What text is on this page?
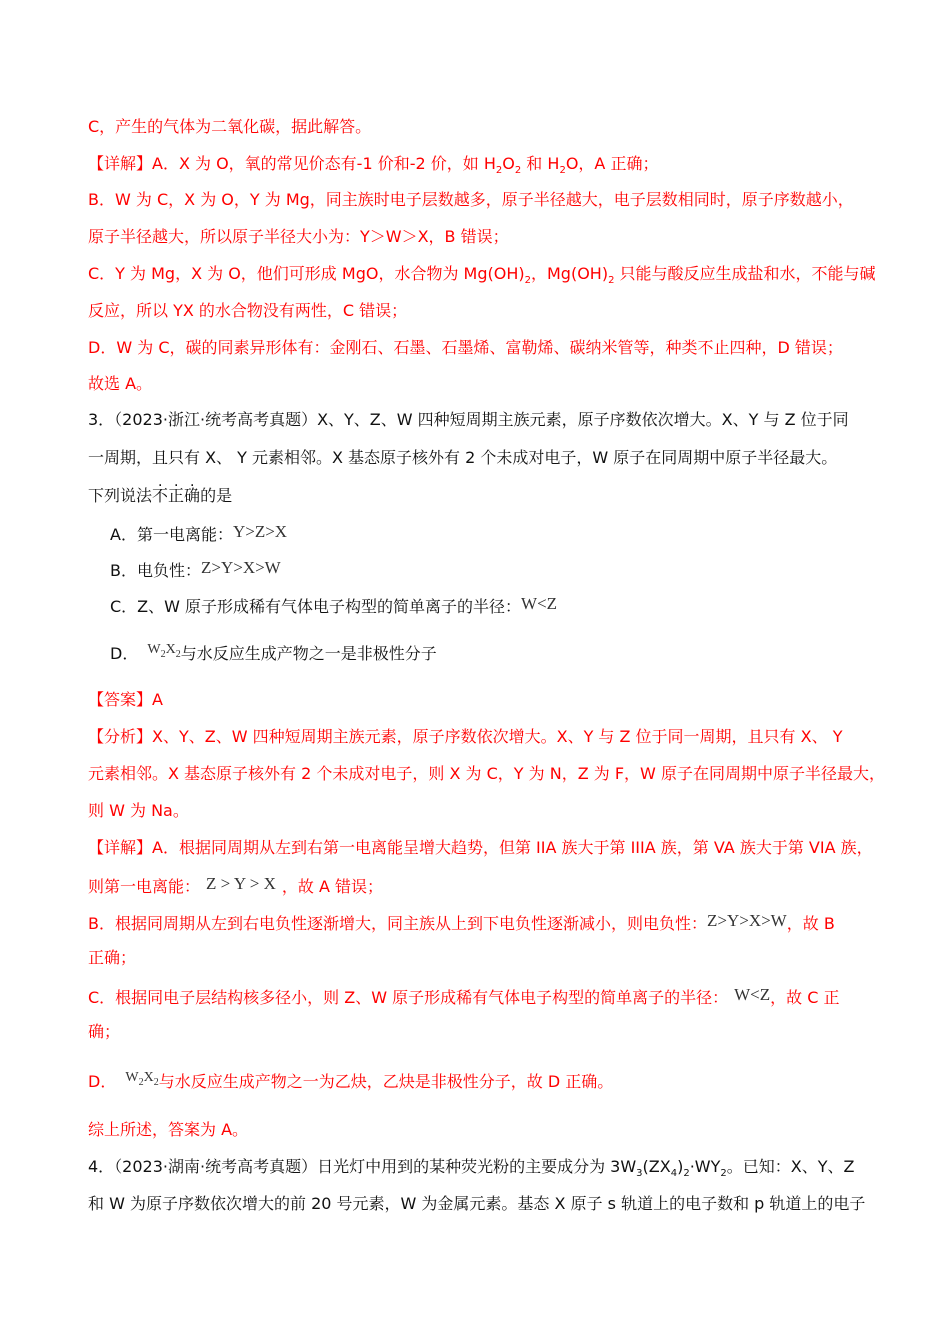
C，产生的气体为二氧化碳，据此解答。
【详解】A．X 为 O，氧的常见价态有-1 价和-2 价，如 $H_2O_2$ 和 $H_2O$，A 正确；
B．W 为 C，X 为 O，Y 为 Mg，同主族时电子层数越多，原子半径越大，电子层数相同时，原子序数越小，
原子半径越大，所以原子半径大小为：Y＞W＞X，B 错误；
C．Y 为 Mg，X 为 O，他们可形成 MgO，水合物为 $Mg(OH)_2$，$Mg(OH)_2$ 只能与酸反应生成盐和水，不能与碱
反应，所以 YX 的水合物没有两性，C 错误；
D．W 为 C，碳的同素异形体有：金刚石、石墨、石墨烯、富勒烯、碳纳米管等，种类不止四种，D 错误；
故选 A。
3．（2023·浙江·统考高考真题）X、Y、Z、W 四种短周期主族元素，原子序数依次增大。X、Y 与 Z 位于同
一周期，且只有 X、 Y 元素相邻。X 基态原子核外有 2 个未成对电子，W 原子在同周期中原子半径最大。
下列说法不正确的是
A．第一电离能：Y>Z>X
B．电负性：Z>Y>X>W
C．Z、W 原子形成稀有气体电子构型的简单离子的半径：W<Z
D． $W_2X_2$与水反应生成产物之一是非极性分子
【答案】A
【分析】X、Y、Z、W 四种短周期主族元素，原子序数依次增大。X、Y 与 Z 位于同一周期，且只有 X、 Y
元素相邻。X 基态原子核外有 2 个未成对电子，则 X 为 C，Y 为 N，Z 为 F，W 原子在同周期中原子半径最大，
则 W 为 Na。
【详解】A．根据同周期从左到右第一电离能呈增大趋势，但第 IIA 族大于第 IIIA 族，第 VA 族大于第 VIA 族，
则第一电离能： Z > Y > X ，故 A 错误；
B．根据同周期从左到右电负性逐渐增大，同主族从上到下电负性逐渐减小，则电负性：Z>Y>X>W，故 B
正确；
C．根据同电子层结构核多径小，则 Z、W 原子形成稀有气体电子构型的简单离子的半径： W<Z，故 C 正
确；
D． $W_2X_2$与水反应生成产物之一为乙炔，乙炔是非极性分子，故 D 正确。
综上所述，答案为 A。
4．（2023·湖南·统考高考真题）日光灯中用到的某种荧光粉的主要成分为 $3W_3(ZX_4)_2\cdot WY_2$。已知：X、Y、Z
和 W 为原子序数依次增大的前 20 号元素，W 为金属元素。基态 X 原子 s 轨道上的电子数和 p 轨道上的电子
